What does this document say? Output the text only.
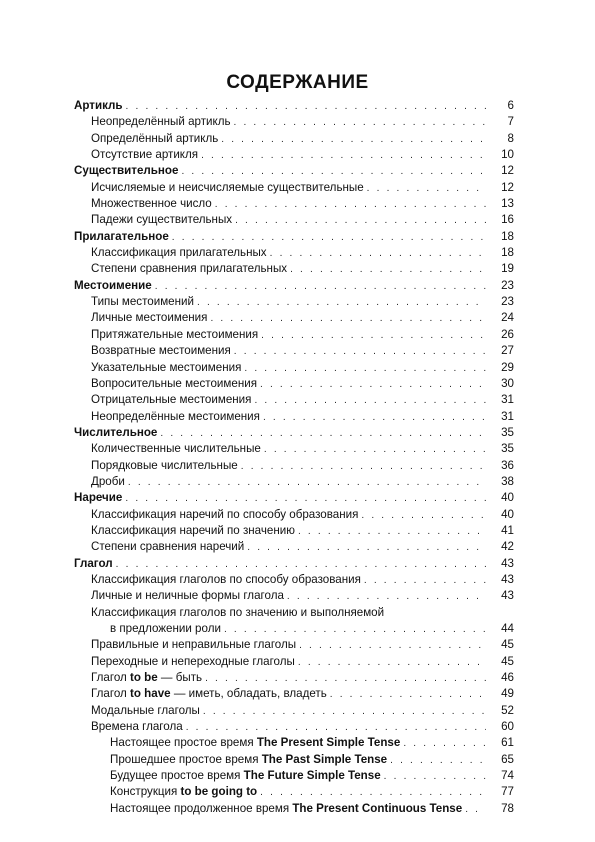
СОДЕРЖАНИЕ
Артикль . . .	6
Неопределённый артикль . . .	7
Определённый артикль . . .	8
Отсутствие артикля . . .	10
Существительное . . .	12
Исчисляемые и неисчисляемые существительные . . .	12
Множественное число . . .	13
Падежи существительных . . .	16
Прилагательное . . .	18
Классификация прилагательных . . .	18
Степени сравнения прилагательных . . .	19
Местоимение . . .	23
Типы местоимений . . .	23
Личные местоимения . . .	24
Притяжательные местоимения . . .	26
Возвратные местоимения . . .	27
Указательные местоимения . . .	29
Вопросительные местоимения . . .	30
Отрицательные местоимения . . .	31
Неопределённые местоимения . . .	31
Числительное . . .	35
Количественные числительные . . .	35
Порядковые числительные . . .	36
Дроби . . .	38
Наречие . . .	40
Классификация наречий по способу образования . . .	40
Классификация наречий по значению . . .	41
Степени сравнения наречий . . .	42
Глагол . . .	43
Классификация глаголов по способу образования . . .	43
Личные и неличные формы глагола . . .	43
Классификация глаголов по значению и выполняемой
в предложении роли . . .	44
Правильные и неправильные глаголы . . .	45
Переходные и непереходные глаголы . . .	45
Глагол to be — быть . . .	46
Глагол to have — иметь, обладать, владеть . . .	49
Модальные глаголы . . .	52
Времена глагола . . .	60
Настоящее простое время The Present Simple Tense . . .	61
Прошедшее простое время The Past Simple Tense . . .	65
Будущее простое время The Future Simple Tense . . .	74
Конструкция to be going to . . .	77
Настоящее продолженное время The Present Continuous Tense . . .	78
